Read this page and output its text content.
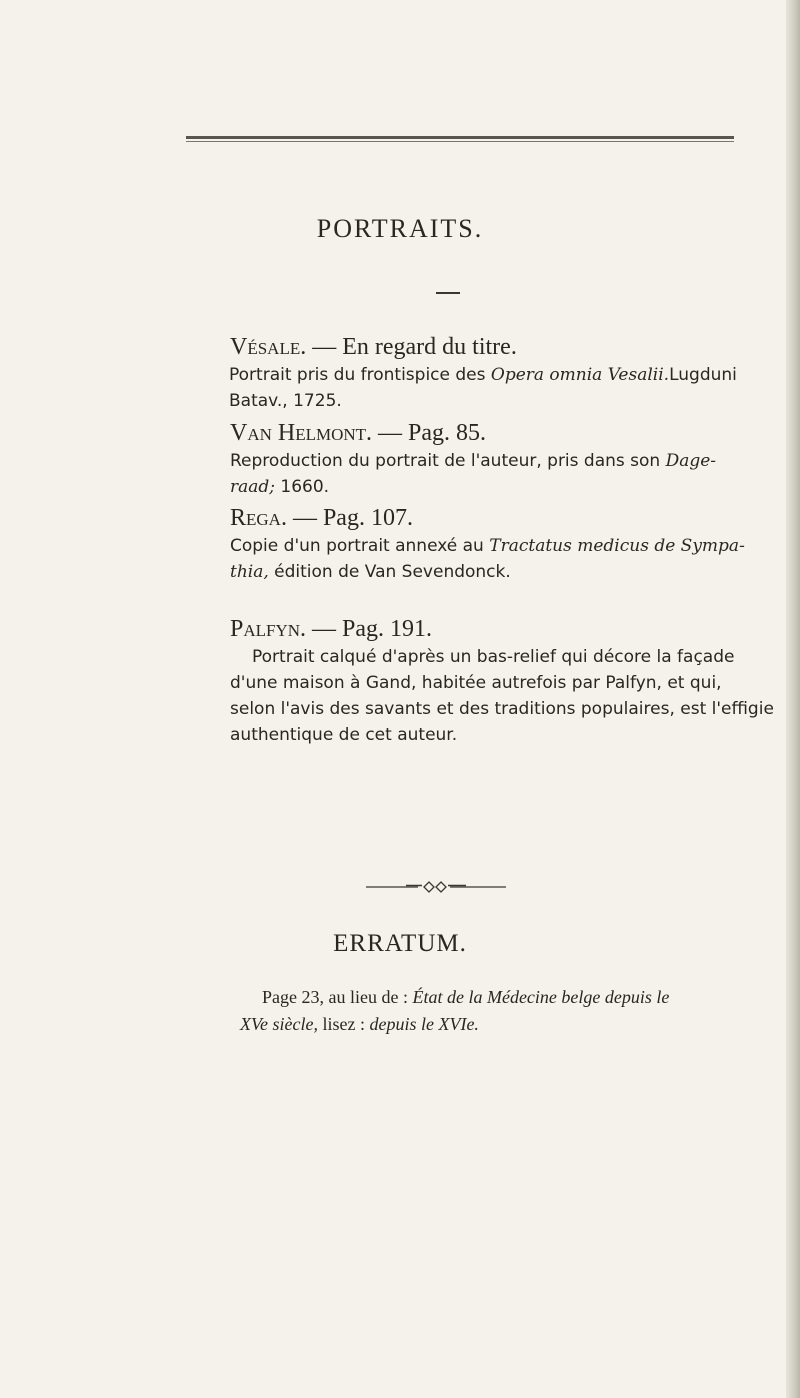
PORTRAITS.
Vésale. — En regard du titre.
Portrait pris du frontispice des Opera omnia Vesalii.Lugduni
Batav., 1725.
Van Helmont. — Pag. 85.
Reproduction du portrait de l'auteur, pris dans son Dage-
raad; 1660.
Rega. — Pag. 107.
Copie d'un portrait annexé au Tractatus medicus de Sympa-
thia, édition de Van Sevendonck.
Palfyn. — Pag. 191.
Portrait calqué d'après un bas-relief qui décore la façade
d'une maison à Gand, habitée autrefois par Palfyn, et qui,
selon l'avis des savants et des traditions populaires, est l'effigie
authentique de cet auteur.
ERRATUM.
Page 23, au lieu de : État de la Médecine belge depuis le
XVe siècle, lisez : depuis le XVIe.
